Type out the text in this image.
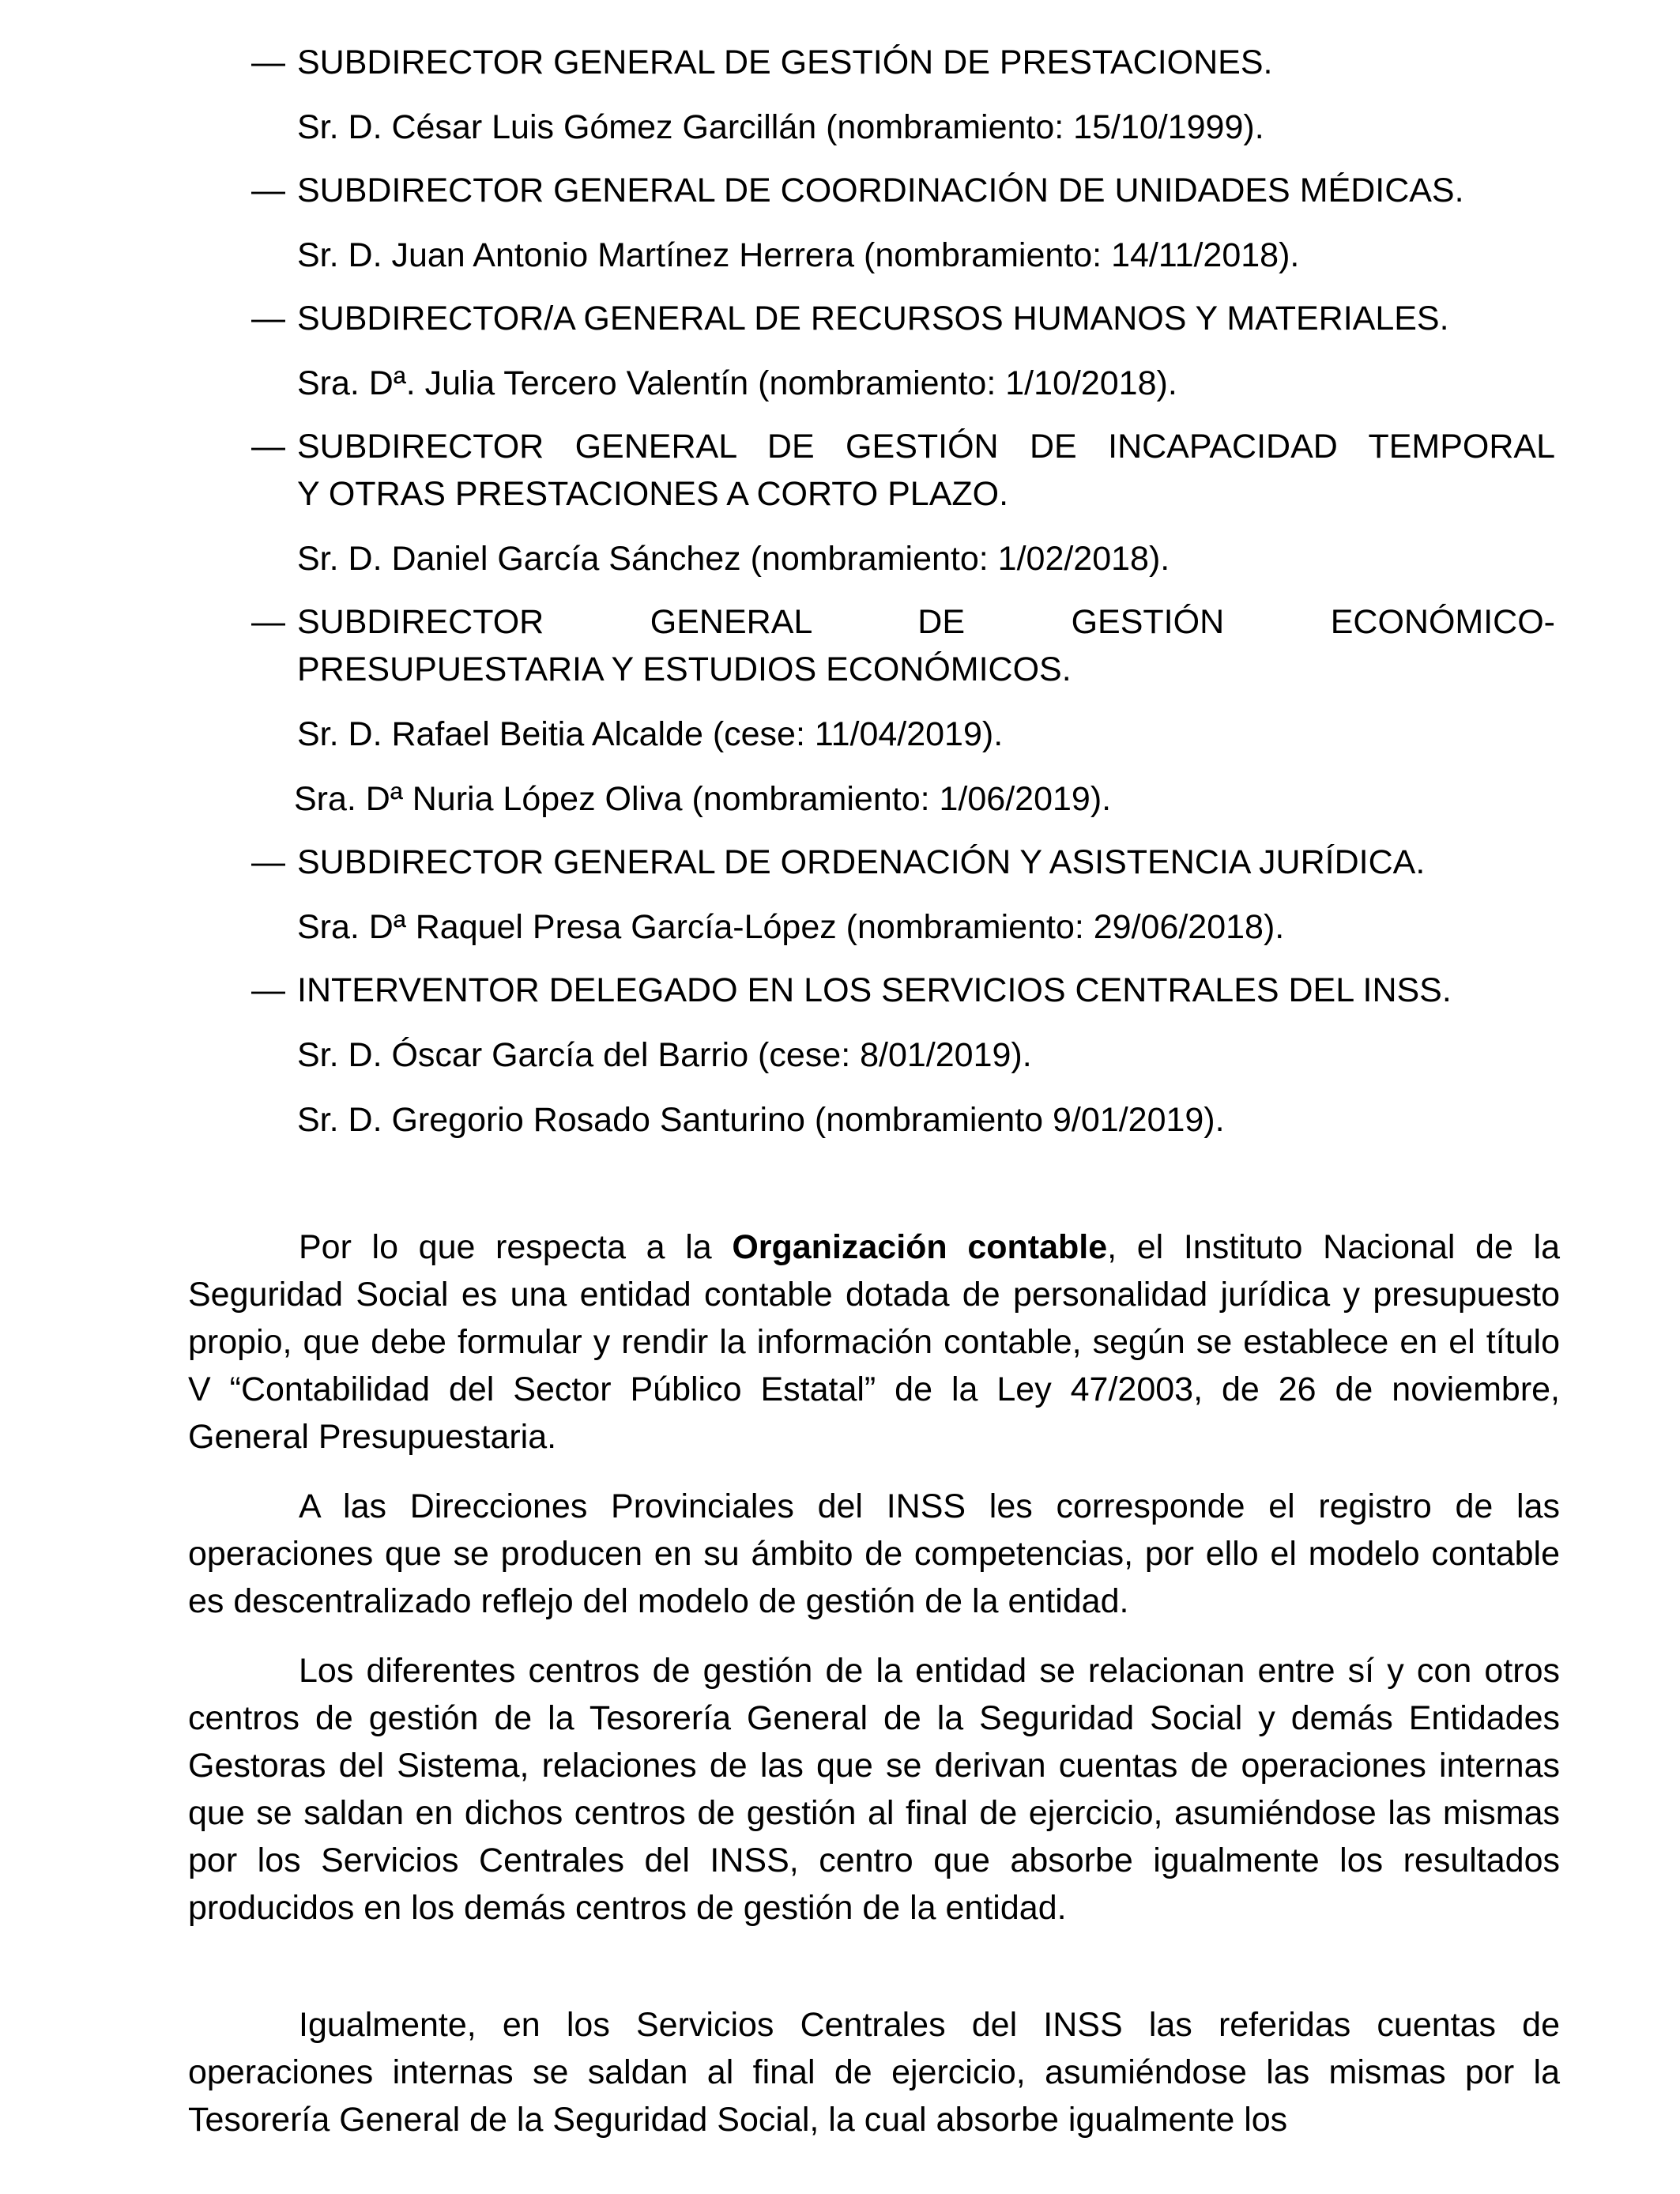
— SUBDIRECTOR GENERAL DE GESTIÓN DE PRESTACIONES.
Sr. D. César Luis Gómez Garcillán (nombramiento: 15/10/1999).
— SUBDIRECTOR GENERAL DE COORDINACIÓN DE UNIDADES MÉDICAS.
Sr. D. Juan Antonio Martínez Herrera (nombramiento: 14/11/2018).
— SUBDIRECTOR/A GENERAL DE RECURSOS HUMANOS Y MATERIALES.
Sra. Dª. Julia Tercero Valentín (nombramiento: 1/10/2018).
— SUBDIRECTOR GENERAL DE GESTIÓN DE INCAPACIDAD TEMPORAL
Y OTRAS PRESTACIONES A CORTO PLAZO.
Sr. D. Daniel García Sánchez (nombramiento: 1/02/2018).
— SUBDIRECTOR GENERAL DE GESTIÓN ECONÓMICO-
PRESUPUESTARIA Y ESTUDIOS ECONÓMICOS.
Sr. D. Rafael Beitia Alcalde (cese: 11/04/2019).
Sra. Dª Nuria López Oliva (nombramiento: 1/06/2019).
— SUBDIRECTOR GENERAL DE ORDENACIÓN Y ASISTENCIA JURÍDICA.
Sra. Dª Raquel Presa García-López (nombramiento: 29/06/2018).
— INTERVENTOR DELEGADO EN LOS SERVICIOS CENTRALES DEL INSS.
Sr. D. Óscar García del Barrio (cese: 8/01/2019).
Sr. D. Gregorio Rosado Santurino (nombramiento 9/01/2019).
Por lo que respecta a la Organización contable, el Instituto Nacional de la Seguridad Social es una entidad contable dotada de personalidad jurídica y presupuesto propio, que debe formular y rendir la información contable, según se establece en el título V “Contabilidad del Sector Público Estatal” de la Ley 47/2003, de 26 de noviembre, General Presupuestaria.
A las Direcciones Provinciales del INSS les corresponde el registro de las operaciones que se producen en su ámbito de competencias, por ello el modelo contable es descentralizado reflejo del modelo de gestión de la entidad.
Los diferentes centros de gestión de la entidad se relacionan entre sí y con otros centros de gestión de la Tesorería General de la Seguridad Social y demás Entidades Gestoras del Sistema, relaciones de las que se derivan cuentas de operaciones internas que se saldan en dichos centros de gestión al final de ejercicio, asumiéndose las mismas por los Servicios Centrales del INSS, centro que absorbe igualmente los resultados producidos en los demás centros de gestión de la entidad.
Igualmente, en los Servicios Centrales del INSS las referidas cuentas de operaciones internas se saldan al final de ejercicio, asumiéndose las mismas por la Tesorería General de la Seguridad Social, la cual absorbe igualmente los
